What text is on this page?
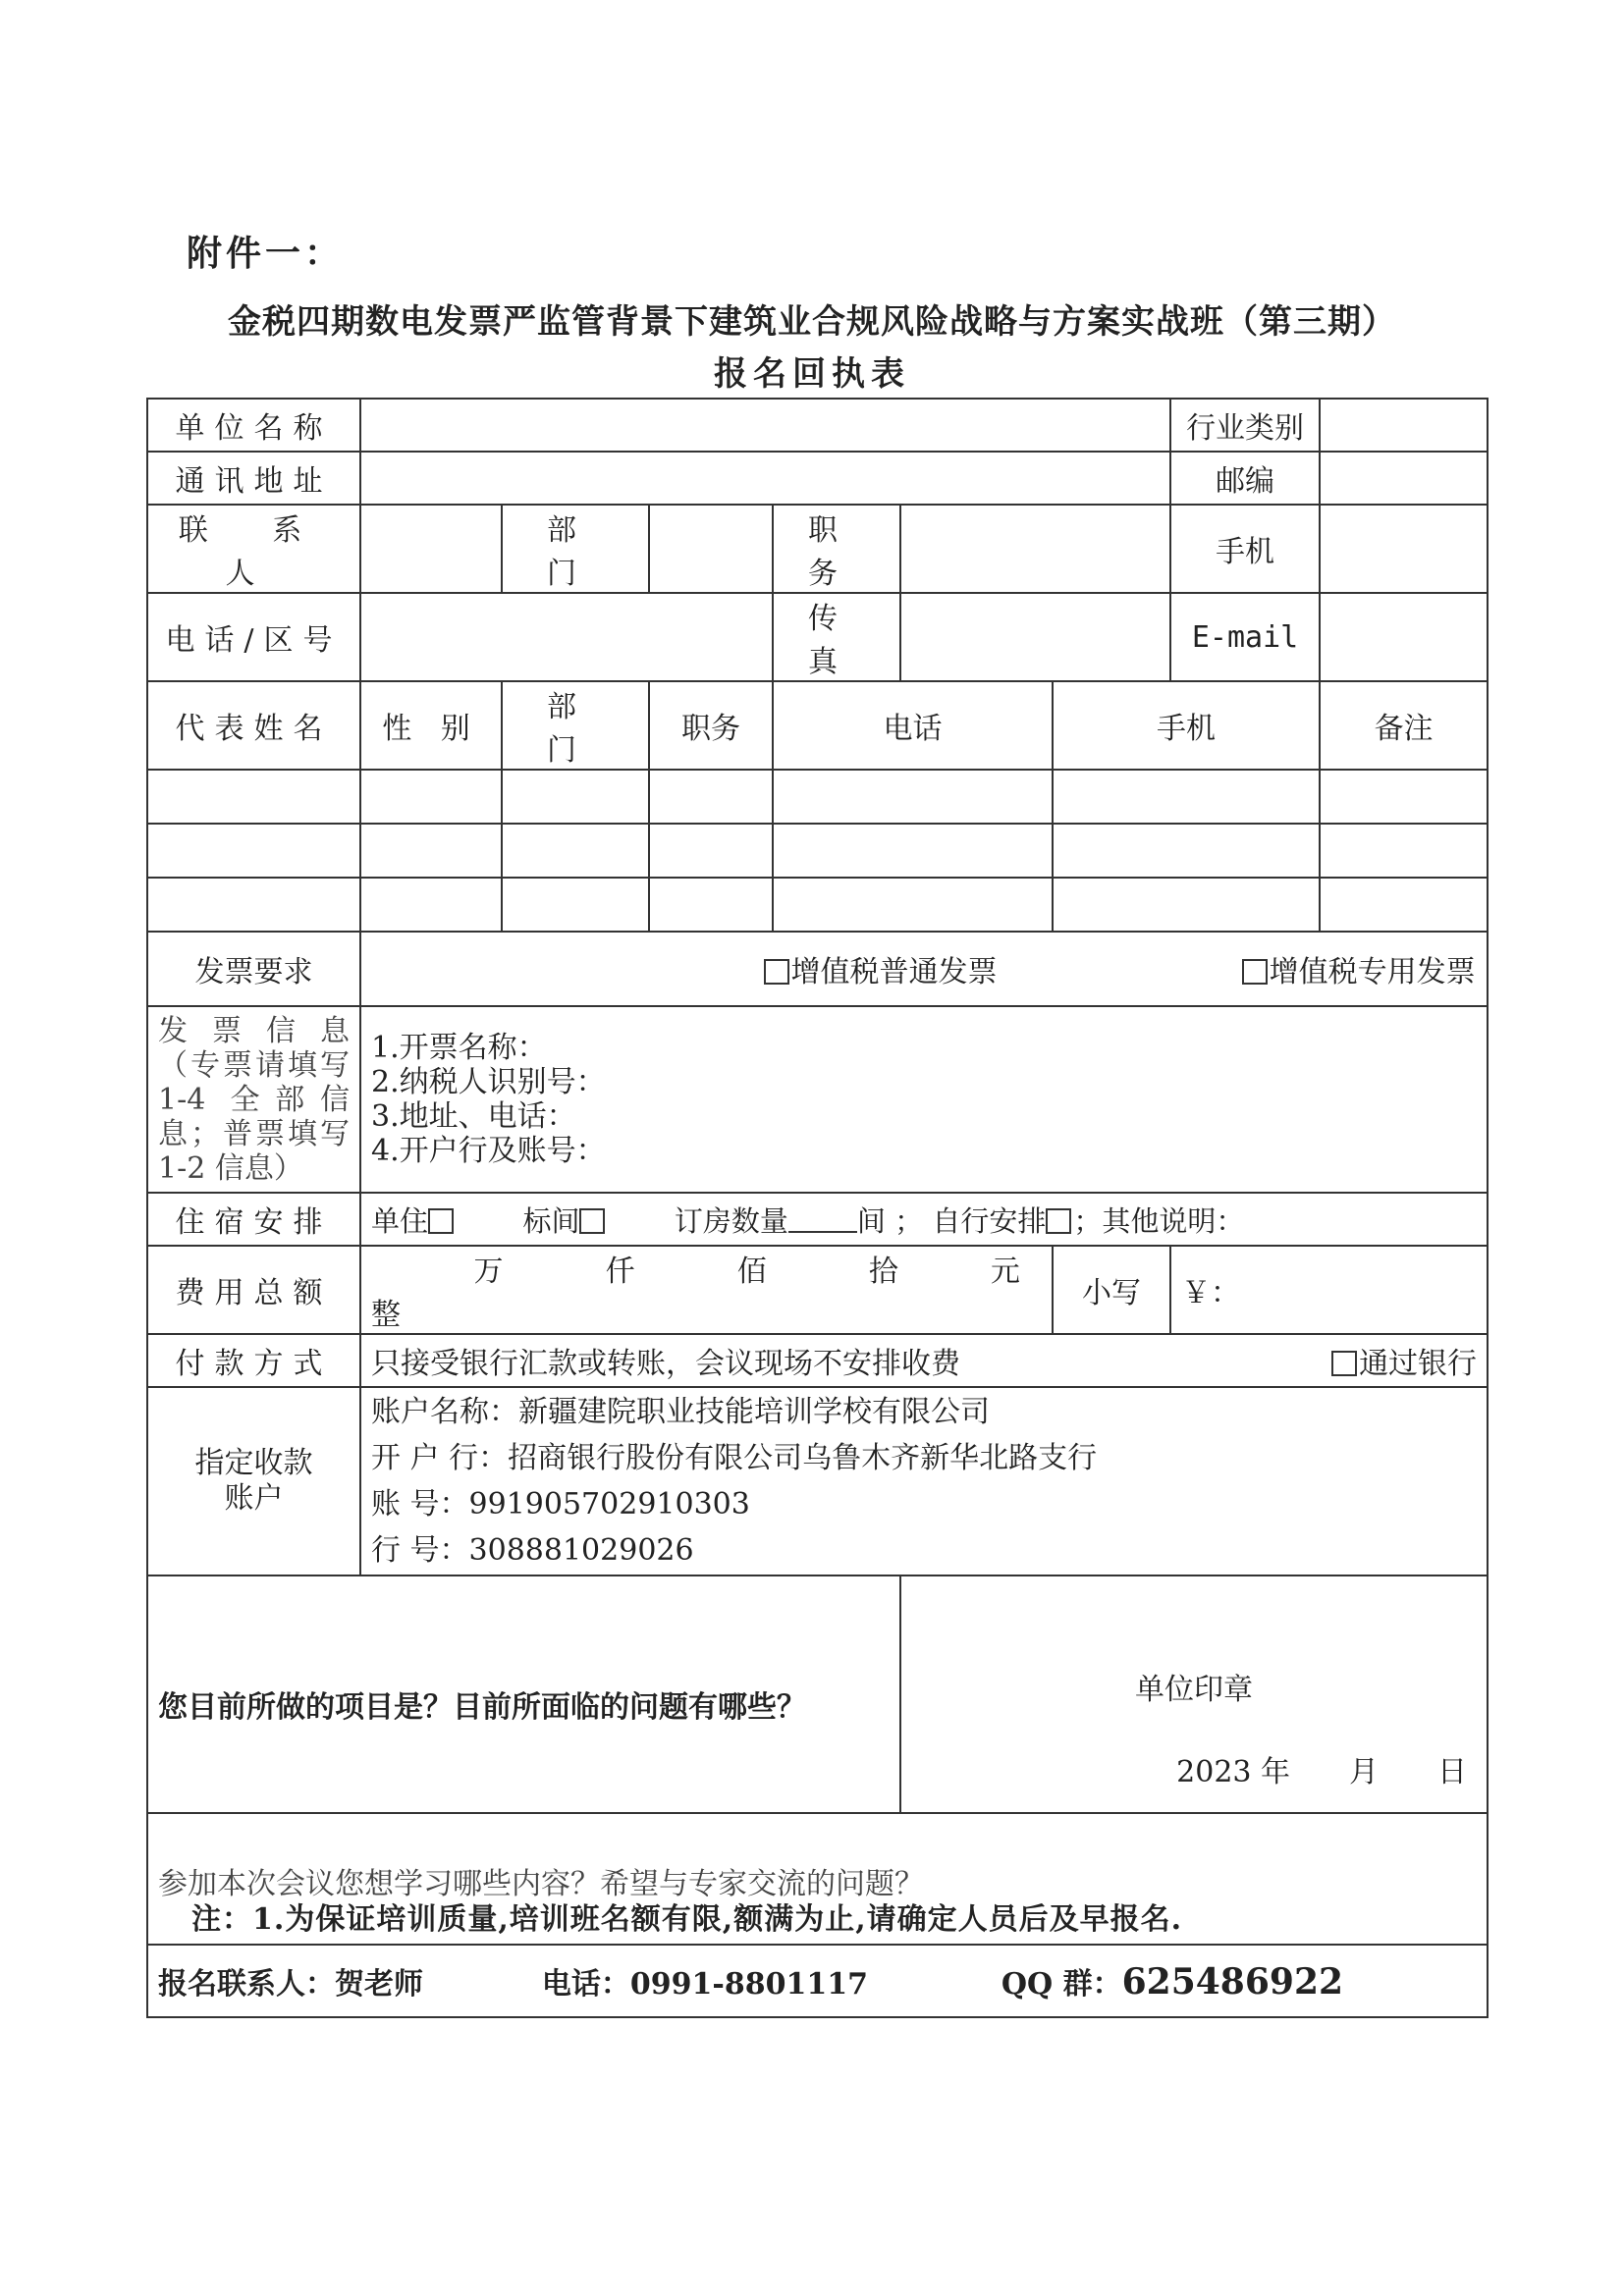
附件一：
金税四期数电发票严监管背景下建筑业合规风险战略与方案实战班（第三期）
报名回执表
单位名称							行业类别	
通讯地址							邮编	
联 系 人		部 门		职 务			手机	
电话/区号				传 真			E-mail	
代表姓名	性 别	部 门	职务	电话		手机		备注

发票要求	增值税普通发票 增值税专用发票							
发 票 信 息（专票请填写 1-4 全部信息；普票填写 1-2 信息）	1.开票名称：
2.纳税人识别号：
3.地址、电话：
4.开户行及账号：							

住宿安排	单住 标间 订房数量 间 ； 自行安排 ；其他说明：							
费用总额	万 仟 佰 拾 元整					小写	￥：	
付款方式	只接受银行汇款或转账，会议现场不安排收费 通过银行							

指定收款账户	账户名称：新疆建院职业技能培训学校有限公司
开 户 行：招商银行股份有限公司乌鲁木齐新华北路支行
账 号：991905702910303
行 号：308881029026							

您目前所做的项目是？目前所面临的问题有哪些？					单位印章
2023 年　　月　　日			

参加本次会议您想学习哪些内容？希望与专家交流的问题？								
报名联系人：贺老师 电话：0991-8801117 QQ 群：625486922								
注：1.为保证培训质量,培训班名额有限,额满为止,请确定人员后及早报名.
